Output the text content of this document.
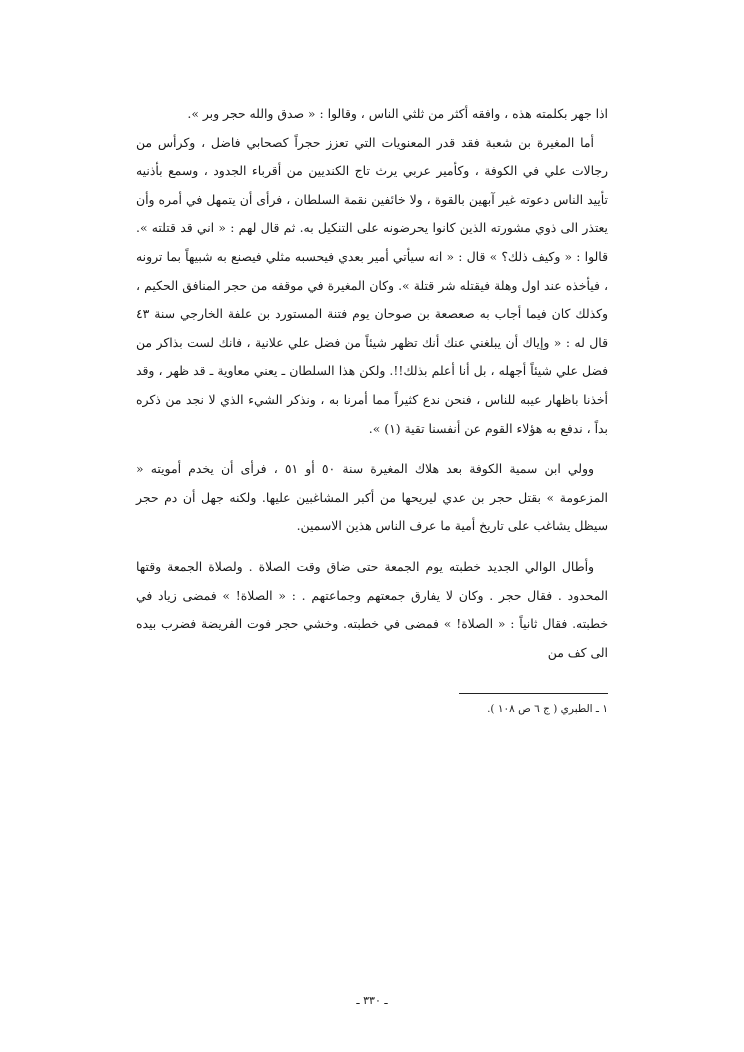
اذا جهر بكلمته هذه ، وافقه أكثر من ثلثي الناس ، وقالوا : « صدق والله حجر وبر ».

أما المغيرة بن شعبة فقد قدر المعنويات التي تعزز حجراً كصحابي فاضل ، وكرأس من رجالات علي في الكوفة ، وكأمير عربي يرث تاج الكنديين من أقرباء الجدود ، وسمع بأذنيه تأييد الناس دعوته غير آبهين بالقوة ، ولا خائفين نقمة السلطان ، فرأى أن يتمهل في أمره وأن يعتذر الى ذوي مشورته الذين كانوا يحرضونه على التنكيل به. ثم قال لهم : « اني قد قتلته ». قالوا : « وكيف ذلك؟ » قال : « انه سيأتي أمير بعدي فيحسبه مثلي فيصنع به شبيهاً بما ترونه ، فيأخذه عند اول وهلة فيقتله شر قتلة ». وكان المغيرة في موقفه من حجر المنافق الحكيم ، وكذلك كان فيما أجاب به صعصعة بن صوحان يوم فتنة المستورد بن علفة الخارجي سنة ٤٣ قال له : « وإياك أن يبلغني عنك أنك تظهر شيئاً من فضل علي علانية ، فانك لست بذاكر من فضل علي شيئاً أجهله ، بل أنا أعلم بذلك!!. ولكن هذا السلطان ـ يعني معاوية ـ قد ظهر ، وقد أخذنا باظهار عيبه للناس ، فنحن ندع كثيراً مما أمرنا به ، ونذكر الشيء الذي لا نجد من ذكره بداً ، ندفع به هؤلاء القوم عن أنفسنا تقية (١) ».

وولي ابن سمية الكوفة بعد هلاك المغيرة سنة ٥٠ أو ٥١ ، فرأى أن يخدم أمويته « المزعومة » بقتل حجر بن عدي ليريحها من أكبر المشاغبين عليها. ولكنه جهل أن دم حجر سيظل يشاغب على تاريخ أمية ما عرف الناس هذين الاسمين.

وأطال الوالي الجديد خطبته يوم الجمعة حتى ضاق وقت الصلاة . ولصلاة الجمعة وقتها المحدود . فقال حجر . وكان لا يفارق جمعتهم وجماعتهم . : « الصلاة! » فمضى زياد في خطبته. فقال ثانياً : « الصلاة! » فمضى في خطبته. وخشي حجر فوت الفريضة فضرب بيده الى كف من

١ ـ الطبري ( ج ٦ ص ١٠٨ ).
ـ ٣٣٠ ـ
